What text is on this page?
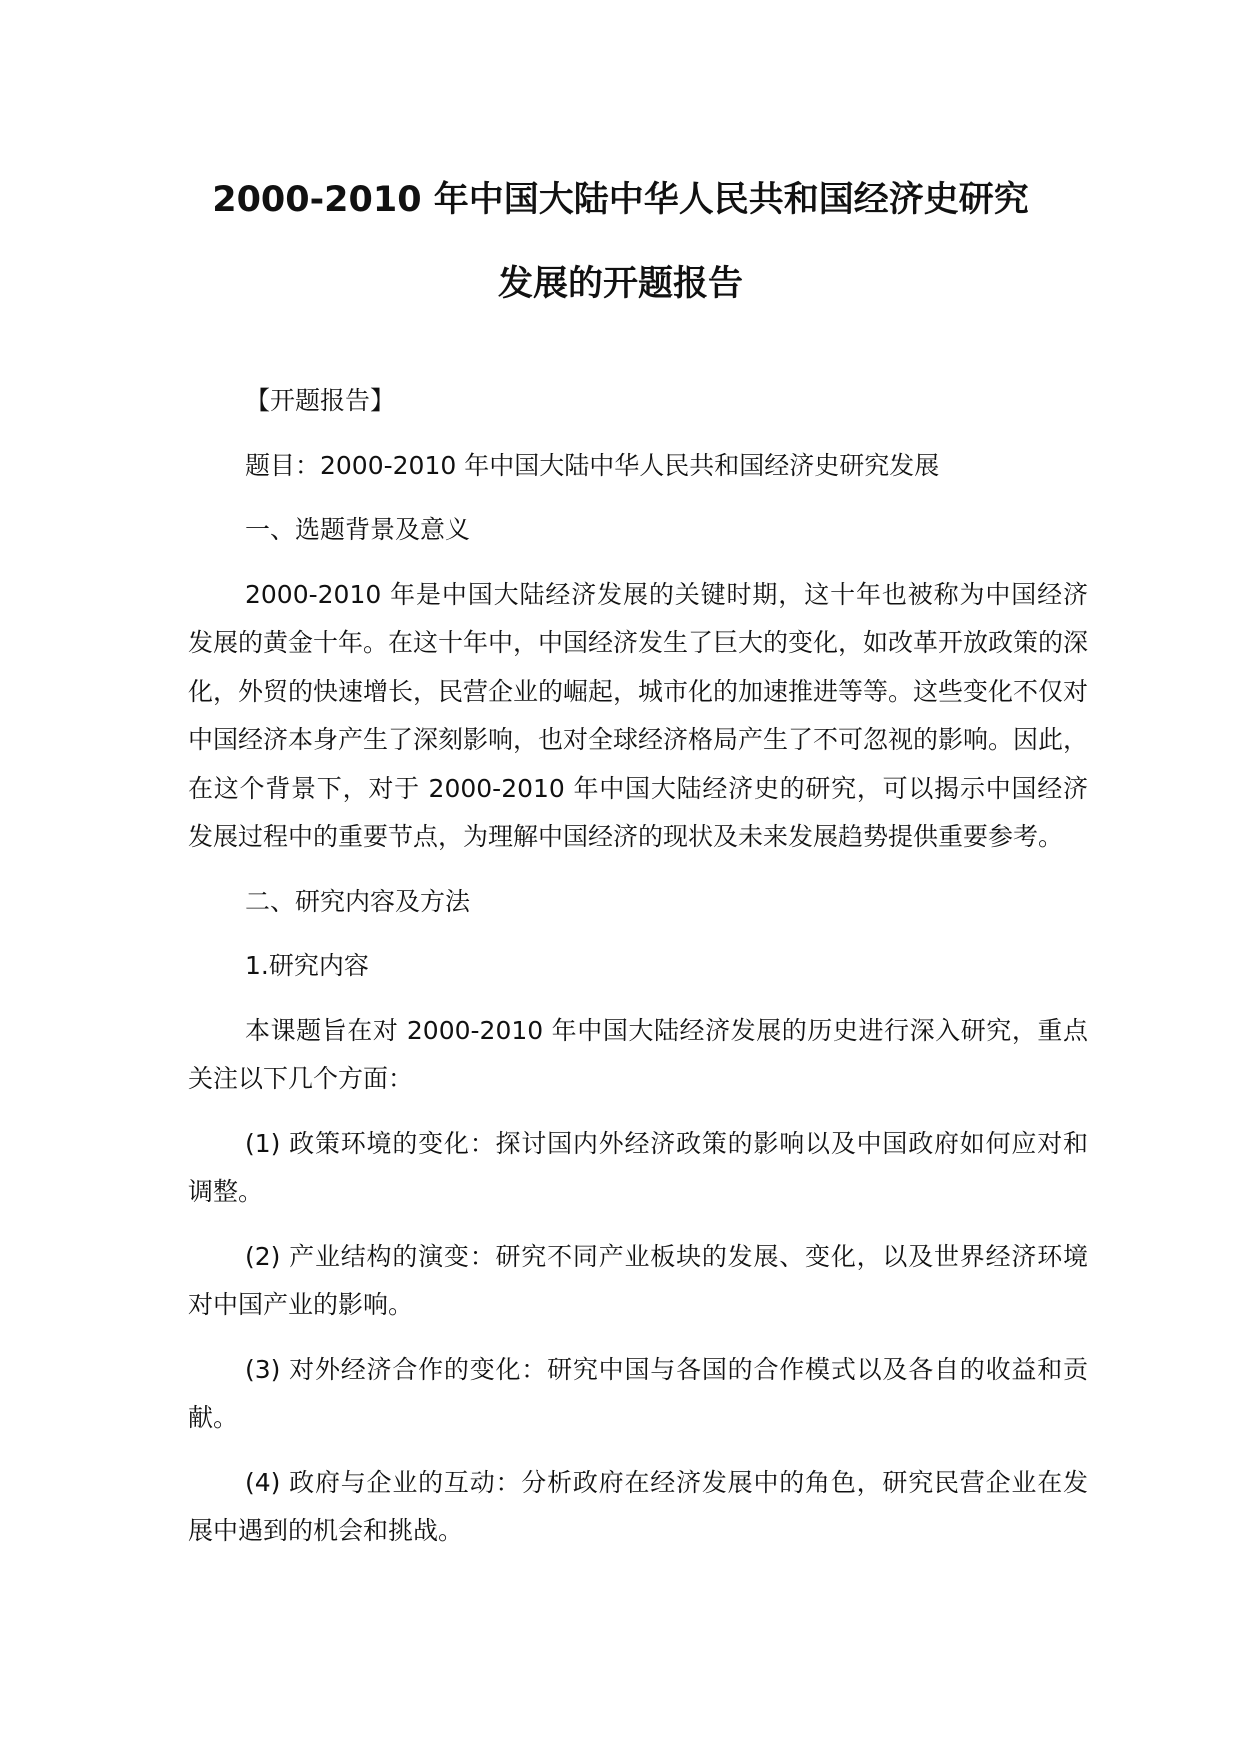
2000-2010 年中国大陆中华人民共和国经济史研究
发展的开题报告

【开题报告】

题目：2000-2010 年中国大陆中华人民共和国经济史研究发展

一、选题背景及意义

2000-2010 年是中国大陆经济发展的关键时期，这十年也被称为中国经济发展的黄金十年。在这十年中，中国经济发生了巨大的变化，如改革开放政策的深化，外贸的快速增长，民营企业的崛起，城市化的加速推进等等。这些变化不仅对中国经济本身产生了深刻影响，也对全球经济格局产生了不可忽视的影响。因此，在这个背景下，对于 2000-2010 年中国大陆经济史的研究，可以揭示中国经济发展过程中的重要节点，为理解中国经济的现状及未来发展趋势提供重要参考。

二、研究内容及方法

1.研究内容

本课题旨在对 2000-2010 年中国大陆经济发展的历史进行深入研究，重点关注以下几个方面：

(1) 政策环境的变化：探讨国内外经济政策的影响以及中国政府如何应对和调整。

(2) 产业结构的演变：研究不同产业板块的发展、变化，以及世界经济环境对中国产业的影响。

(3) 对外经济合作的变化：研究中国与各国的合作模式以及各自的收益和贡献。

(4) 政府与企业的互动：分析政府在经济发展中的角色，研究民营企业在发展中遇到的机会和挑战。
